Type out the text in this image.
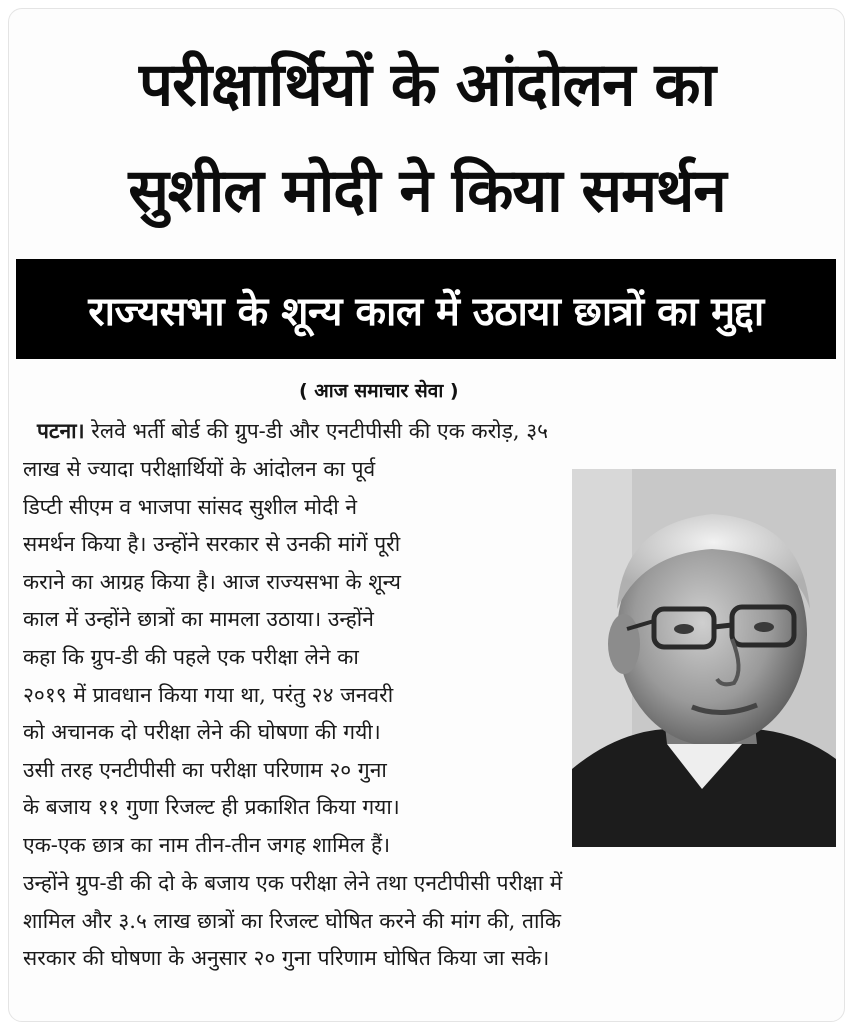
परीक्षार्थियों के आंदोलन का
सुशील मोदी ने किया समर्थन
राज्यसभा के शून्य काल में उठाया छात्रों का मुद्दा
( आज समाचार सेवा )
पटना। रेलवे भर्ती बोर्ड की ग्रुप-डी और एनटीपीसी की एक करोड़, ३५
लाख से ज्यादा परीक्षार्थियों के आंदोलन का पूर्व
डिप्टी सीएम व भाजपा सांसद सुशील मोदी ने
समर्थन किया है। उन्होंने सरकार से उनकी मांगें पूरी
कराने का आग्रह किया है। आज राज्यसभा के शून्य
काल में उन्होंने छात्रों का मामला उठाया। उन्होंने
कहा कि ग्रुप-डी की पहले एक परीक्षा लेने का
२०१९ में प्रावधान किया गया था, परंतु २४ जनवरी
को अचानक दो परीक्षा लेने की घोषणा की गयी।
उसी तरह एनटीपीसी का परीक्षा परिणाम २० गुना
के बजाय ११ गुणा रिजल्ट ही प्रकाशित किया गया।
एक-एक छात्र का नाम तीन-तीन जगह शामिल हैं।
उन्होंने ग्रुप-डी की दो के बजाय एक परीक्षा लेने तथा एनटीपीसी परीक्षा में
शामिल और ३.५ लाख छात्रों का रिजल्ट घोषित करने की मांग की, ताकि
सरकार की घोषणा के अनुसार २० गुना परिणाम घोषित किया जा सके।
